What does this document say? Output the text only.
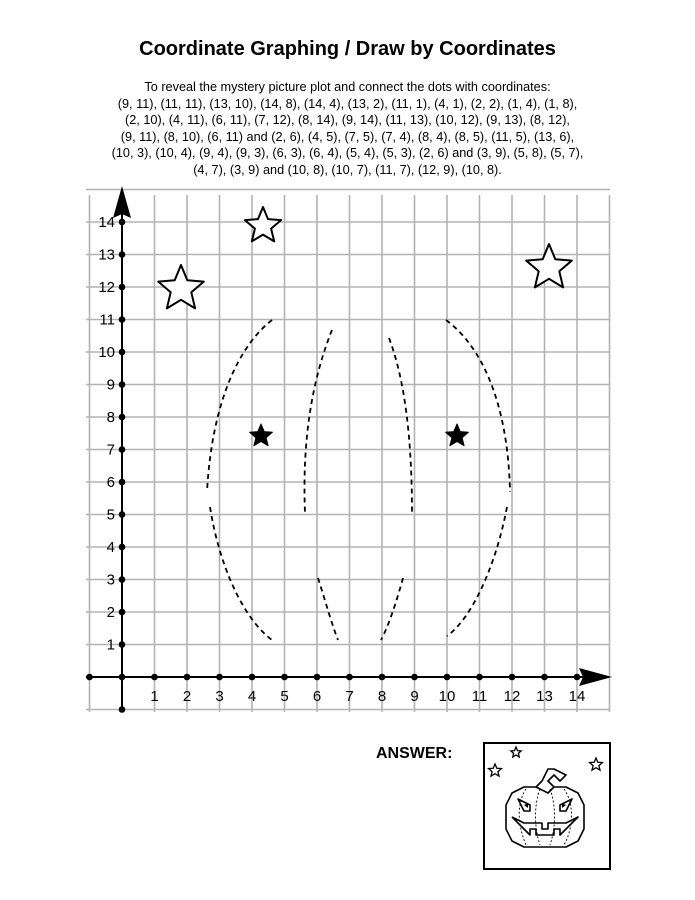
1 2 3 4 5 6 7 8 9 10 11 12 13 14
1
2
3
4
5
6
7
8
9
10
11
12
13
14
Coordinate Graphing / Draw by Coordinates
To reveal the mystery picture plot and connect the dots with coordinates:
(9, 11), (11, 11), (13, 10), (14, 8), (14, 4), (13, 2), (11, 1), (4, 1), (2, 2), (1, 4), (1, 8),
(2, 10), (4, 11), (6, 11), (7, 12), (8, 14), (9, 14), (11, 13), (10, 12), (9, 13), (8, 12),
(9, 11), (8, 10), (6, 11) and (2, 6), (4, 5), (7, 5), (7, 4), (8, 4), (8, 5), (11, 5), (13, 6),
(10, 3), (10, 4), (9, 4), (9, 3), (6, 3), (6, 4), (5, 4), (5, 3), (2, 6) and (3, 9), (5, 8), (5, 7),
(4, 7), (3, 9) and (10, 8), (10, 7), (11, 7), (12, 9), (10, 8).
ANSWER:
